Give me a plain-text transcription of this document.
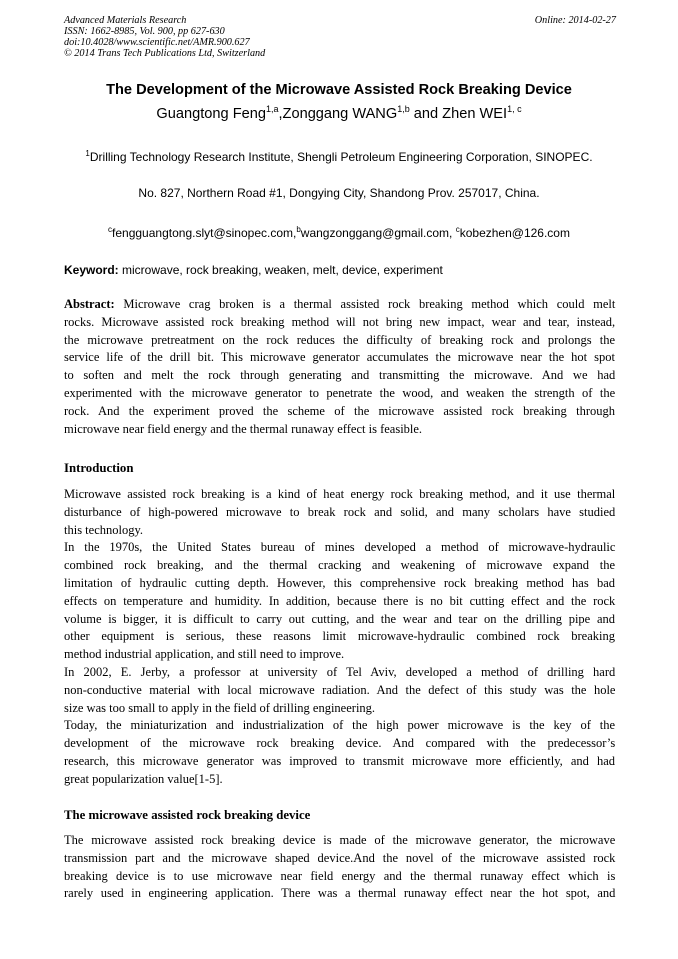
Advanced Materials Research
ISSN: 1662-8985, Vol. 900, pp 627-630
doi:10.4028/www.scientific.net/AMR.900.627
© 2014 Trans Tech Publications Ltd, Switzerland
Online: 2014-02-27
The Development of the Microwave Assisted Rock Breaking Device
Guangtong Feng$^{1,a}$,Zonggang WANG$^{1,b}$ and Zhen WEI$^{1, c}$
$^1$Drilling Technology Research Institute, Shengli Petroleum Engineering Corporation, SINOPEC.
No. 827, Northern Road #1, Dongying City, Shandong Prov. 257017, China.
$^c$fengguangtong.slyt@sinopec.com,$^b$wangzonggang@gmail.com, $^c$kobezhen@126.com
Keyword: microwave, rock breaking, weaken, melt, device, experiment
Abstract: Microwave crag broken is a thermal assisted rock breaking method which could melt
rocks. Microwave assisted rock breaking method will not bring new impact, wear and tear, instead,
the microwave pretreatment on the rock reduces the difficulty of breaking rock and prolongs the
service life of the drill bit. This microwave generator accumulates the microwave near the hot spot
to soften and melt the rock through generating and transmitting the microwave. And we had
experimented with the microwave generator to penetrate the wood, and weaken the strength of the
rock. And the experiment proved the scheme of the microwave assisted rock breaking through
microwave near field energy and the thermal runaway effect is feasible.
Introduction
Microwave assisted rock breaking is a kind of heat energy rock breaking method, and it use thermal
disturbance of high-powered microwave to break rock and solid, and many scholars have studied
this technology.
In the 1970s, the United States bureau of mines developed a method of microwave-hydraulic
combined rock breaking, and the thermal cracking and weakening of microwave expand the
limitation of hydraulic cutting depth. However, this comprehensive rock breaking method has bad
effects on temperature and humidity. In addition, because there is no bit cutting effect and the rock
volume is bigger, it is difficult to carry out cutting, and the wear and tear on the drilling pipe and
other equipment is serious, these reasons limit microwave-hydraulic combined rock breaking
method industrial application, and still need to improve.
In 2002, E. Jerby, a professor at university of Tel Aviv, developed a method of drilling hard
non-conductive material with local microwave radiation. And the defect of this study was the hole
size was too small to apply in the field of drilling engineering.
Today, the miniaturization and industrialization of the high power microwave is the key of the
development of the microwave rock breaking device. And compared with the predecessor’s
research, this microwave generator was improved to transmit microwave more efficiently, and had
great popularization value[1-5].
The microwave assisted rock breaking device
The microwave assisted rock breaking device is made of the microwave generator, the microwave
transmission part and the microwave shaped device.And the novel of the microwave assisted rock
breaking device is to use microwave near field energy and the thermal runaway effect which is
rarely used in engineering application. There was a thermal runaway effect near the hot spot, and
